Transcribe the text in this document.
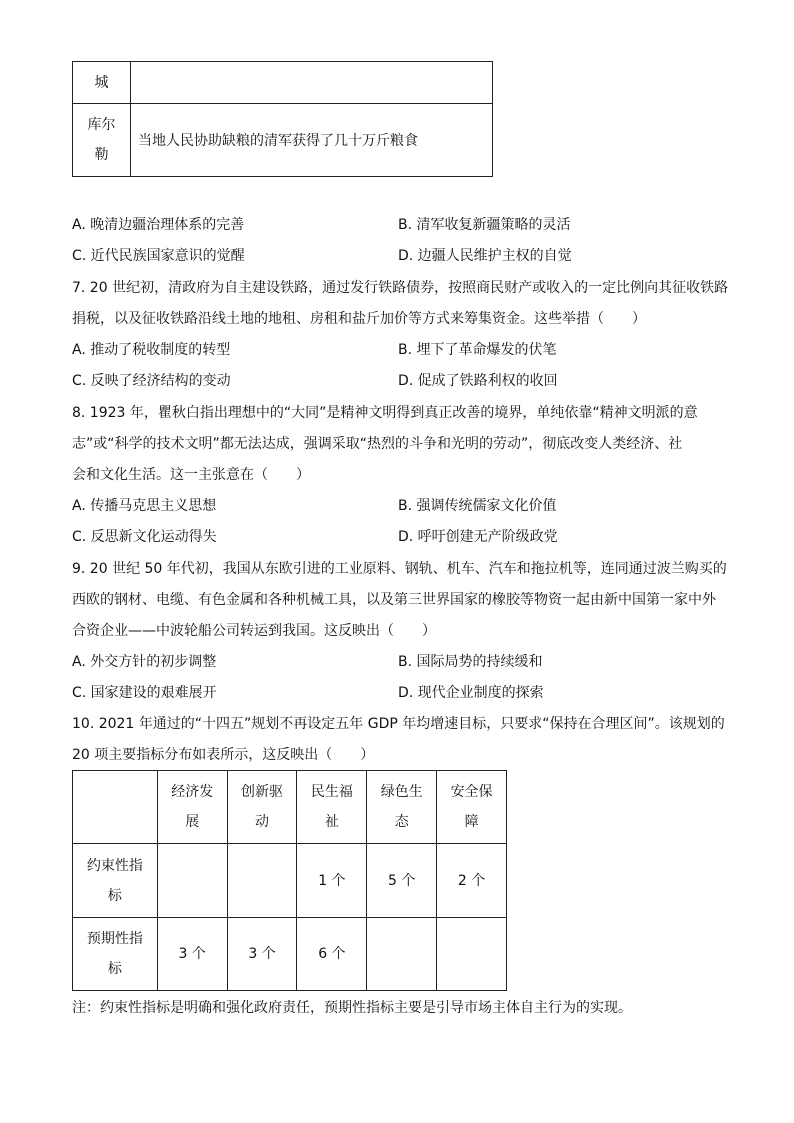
城	
库尔勒	当地人民协助缺粮的清军获得了几十万斤粮食
A. 晚清边疆治理体系的完善	B. 清军收复新疆策略的灵活
C. 近代民族国家意识的觉醒	D. 边疆人民维护主权的自觉
7. 20 世纪初，清政府为自主建设铁路，通过发行铁路债券，按照商民财产或收入的一定比例向其征收铁路
捐税，以及征收铁路沿线土地的地租、房租和盐斤加价等方式来筹集资金。这些举措（　　）
A. 推动了税收制度的转型	B. 埋下了革命爆发的伏笔
C. 反映了经济结构的变动	D. 促成了铁路利权的收回
8. 1923 年，瞿秋白指出理想中的“大同”是精神文明得到真正改善的境界，单纯依靠“精神文明派的意
志”或“科学的技术文明”都无法达成，强调采取“热烈的斗争和光明的劳动”，彻底改变人类经济、社
会和文化生活。这一主张意在（　　）
A. 传播马克思主义思想	B. 强调传统儒家文化价值
C. 反思新文化运动得失	D. 呼吁创建无产阶级政党
9. 20 世纪 50 年代初，我国从东欧引进的工业原料、钢轨、机车、汽车和拖拉机等，连同通过波兰购买的
西欧的钢材、电缆、有色金属和各种机械工具，以及第三世界国家的橡胶等物资一起由新中国第一家中外
合资企业——中波轮船公司转运到我国。这反映出（　　）
A. 外交方针的初步调整	B. 国际局势的持续缓和
C. 国家建设的艰难展开	D. 现代企业制度的探索
10. 2021 年通过的“十四五”规划不再设定五年 GDP 年均增速目标，只要求“保持在合理区间”。该规划的
20 项主要指标分布如表所示，这反映出（　　）
	经济发展	创新驱动	民生福祉	绿色生态	安全保障
约束性指标			1 个	5 个	2 个
预期性指标	3 个	3 个	6 个		
注：约束性指标是明确和强化政府责任，预期性指标主要是引导市场主体自主行为的实现。
